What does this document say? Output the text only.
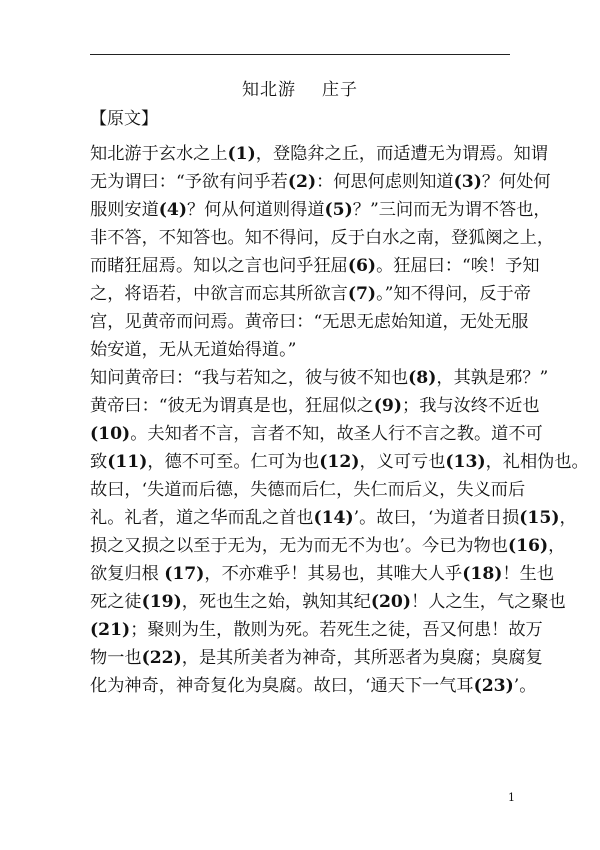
知北游 庄子
【原文】
知北游于玄水之上(1)，登隐弅之丘，而适遭无为谓焉。知谓
无为谓曰：“予欲有问乎若(2)：何思何虑则知道(3)？何处何
服则安道(4)？何从何道则得道(5)？”三问而无为谓不答也，
非不答，不知答也。知不得问，反于白水之南，登狐阕之上，
而睹狂屈焉。知以之言也问乎狂屈(6)。狂屈曰：“唉！予知
之，将语若，中欲言而忘其所欲言(7)。”知不得问，反于帝
宫，见黄帝而问焉。黄帝曰：“无思无虑始知道，无处无服
始安道，无从无道始得道。”
知问黄帝曰：“我与若知之，彼与彼不知也(8)，其孰是邪？”
黄帝曰：“彼无为谓真是也，狂屈似之(9)；我与汝终不近也
(10)。夫知者不言，言者不知，故圣人行不言之教。道不可
致(11)，德不可至。仁可为也(12)，义可亏也(13)，礼相伪也。
故曰，‘失道而后德，失德而后仁，失仁而后义，失义而后
礼。礼者，道之华而乱之首也(14)’。故曰，‘为道者日损(15)，
损之又损之以至于无为，无为而无不为也’。今已为物也(16)，
欲复归根 (17)，不亦难乎！其易也，其唯大人乎(18)！生也
死之徒(19)，死也生之始，孰知其纪(20)！人之生，气之聚也
(21)；聚则为生，散则为死。若死生之徒，吾又何患！故万
物一也(22)，是其所美者为神奇，其所恶者为臭腐；臭腐复
化为神奇，神奇复化为臭腐。故曰，‘通天下一气耳(23)’。
1
